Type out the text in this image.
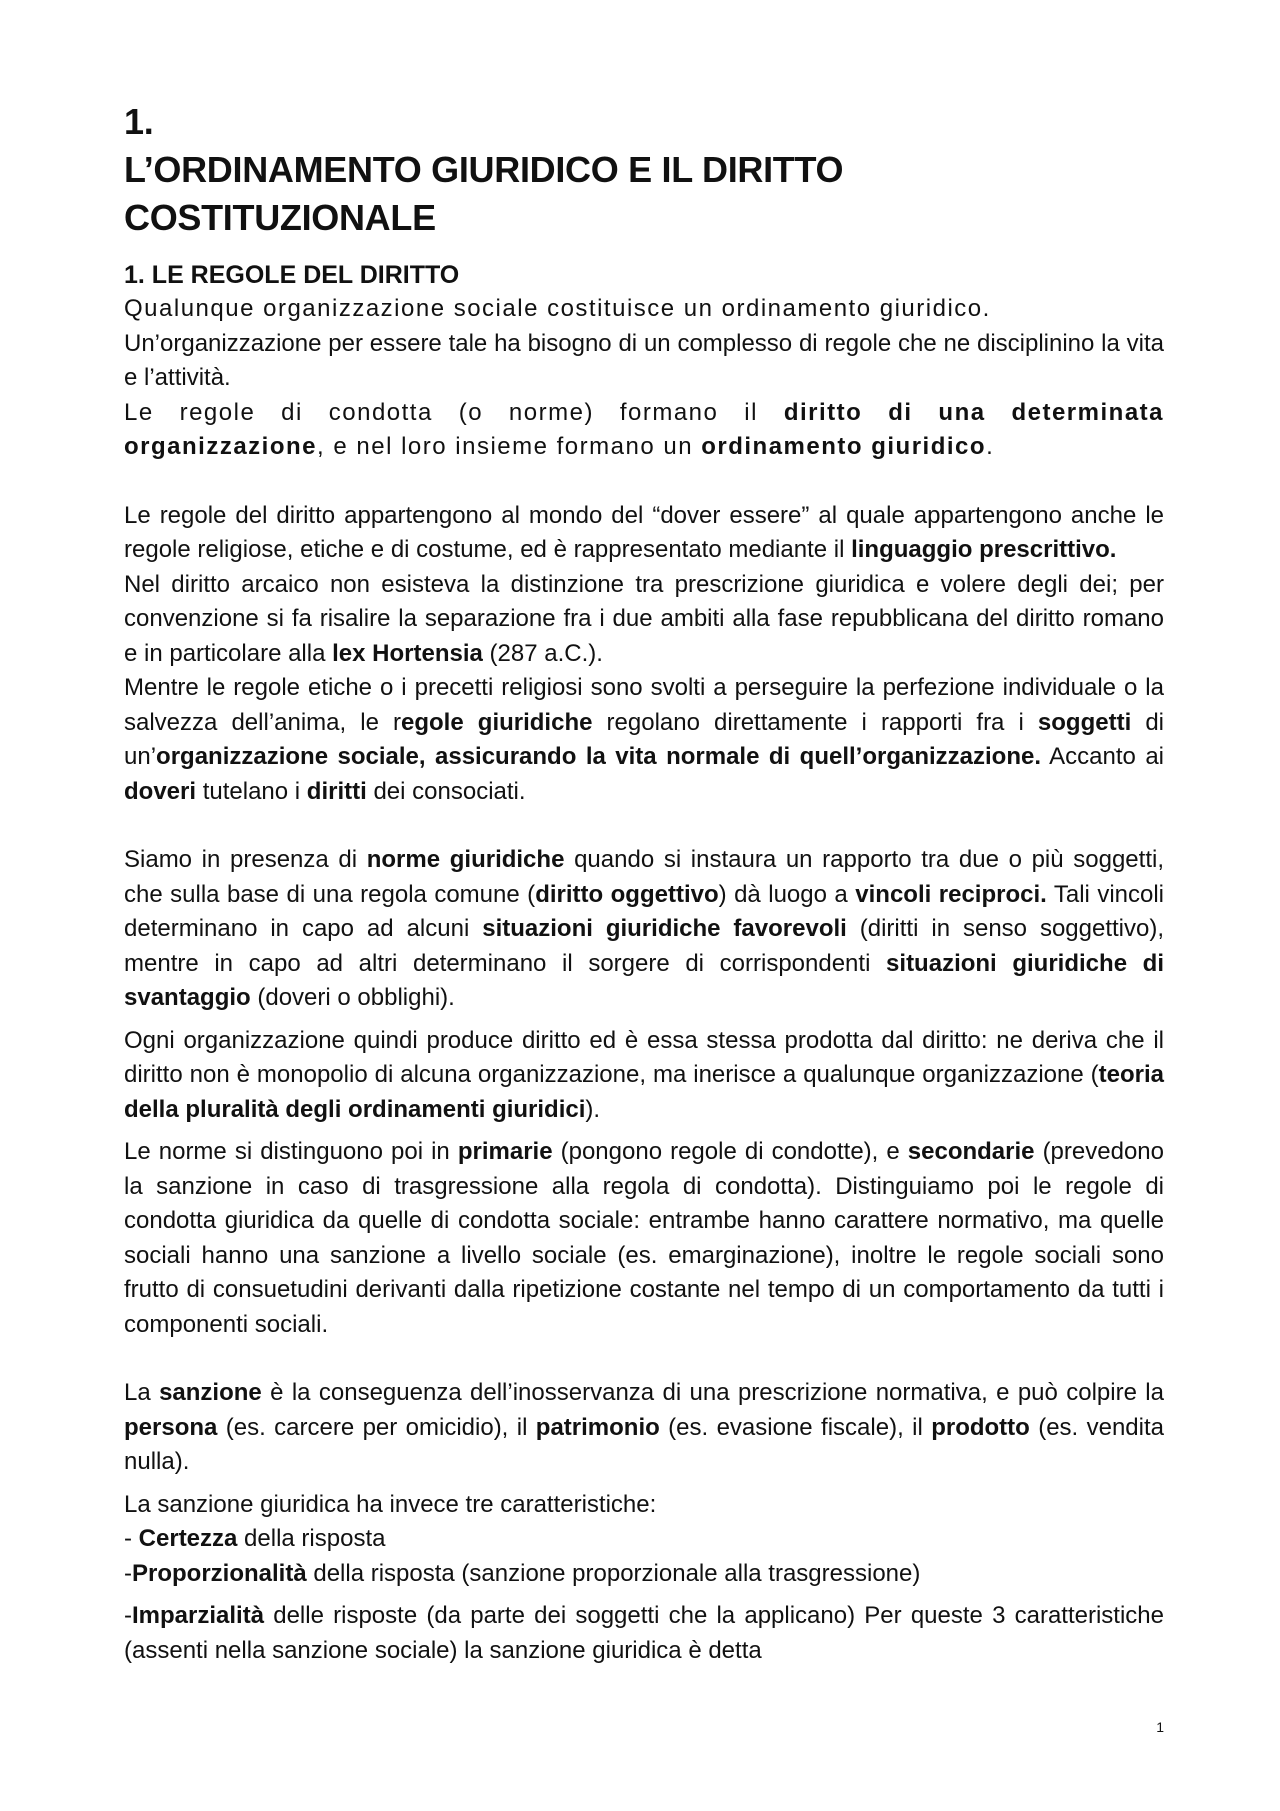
1.
L’ORDINAMENTO GIURIDICO E IL DIRITTO
COSTITUZIONALE
1. LE REGOLE DEL DIRITTO

Qualunque organizzazione sociale costituisce un ordinamento giuridico.

Un’organizzazione per essere tale ha bisogno di un complesso di regole che ne disciplinino la vita e l’attività.

Le regole di condotta (o norme) formano il diritto di una determinata organizzazione, e nel loro insieme formano un ordinamento giuridico.

Le regole del diritto appartengono al mondo del “dover essere” al quale appartengono anche le regole religiose, etiche e di costume, ed è rappresentato mediante il linguaggio prescrittivo.

Nel diritto arcaico non esisteva la distinzione tra prescrizione giuridica e volere degli dei; per convenzione si fa risalire la separazione fra i due ambiti alla fase repubblicana del diritto romano e in particolare alla lex Hortensia (287 a.C.).

Mentre le regole etiche o i precetti religiosi sono svolti a perseguire la perfezione individuale o la salvezza dell’anima, le regole giuridiche regolano direttamente i rapporti fra i soggetti di un’organizzazione sociale, assicurando la vita normale di quell’organizzazione. Accanto ai doveri tutelano i diritti dei consociati.

Siamo in presenza di norme giuridiche quando si instaura un rapporto tra due o più soggetti, che sulla base di una regola comune (diritto oggettivo) dà luogo a vincoli reciproci. Tali vincoli determinano in capo ad alcuni situazioni giuridiche favorevoli (diritti in senso soggettivo), mentre in capo ad altri determinano il sorgere di corrispondenti situazioni giuridiche di svantaggio (doveri o obblighi).

Ogni organizzazione quindi produce diritto ed è essa stessa prodotta dal diritto: ne deriva che il diritto non è monopolio di alcuna organizzazione, ma inerisce a qualunque organizzazione (teoria della pluralità degli ordinamenti giuridici).

Le norme si distinguono poi in primarie (pongono regole di condotte), e secondarie (prevedono la sanzione in caso di trasgressione alla regola di condotta). Distinguiamo poi le regole di condotta giuridica da quelle di condotta sociale: entrambe hanno carattere normativo, ma quelle sociali hanno una sanzione a livello sociale (es. emarginazione), inoltre le regole sociali sono frutto di consuetudini derivanti dalla ripetizione costante nel tempo di un comportamento da tutti i componenti sociali.

La sanzione è la conseguenza dell’inosservanza di una prescrizione normativa, e può colpire la persona (es. carcere per omicidio), il patrimonio (es. evasione fiscale), il prodotto (es. vendita nulla).

La sanzione giuridica ha invece tre caratteristiche:

- Certezza della risposta

-Proporzionalità della risposta (sanzione proporzionale alla trasgressione)

-Imparzialità delle risposte (da parte dei soggetti che la applicano) Per queste 3 caratteristiche (assenti nella sanzione sociale) la sanzione giuridica è detta

1
